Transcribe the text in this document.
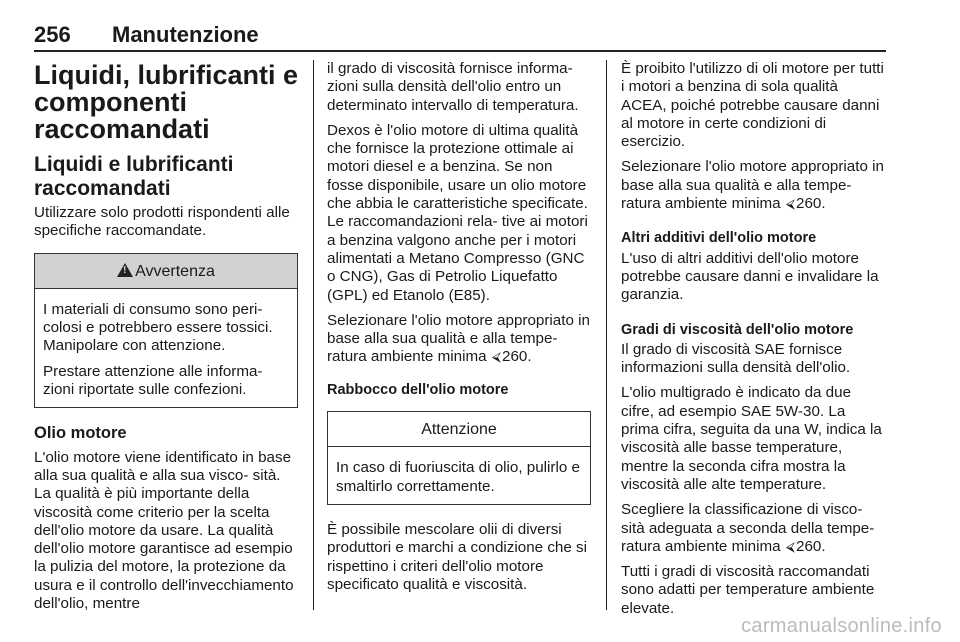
256 Manutenzione
Liquidi, lubrificanti e componenti raccomandati
Liquidi e lubrificanti raccomandati

Utilizzare solo prodotti rispondenti alle specifiche raccomandate.

!Avvertenza

I materiali di consumo sono peri- colosi e potrebbero essere tossici. Manipolare con attenzione.

Prestare attenzione alle informa- zioni riportate sulle confezioni.

Olio motore

L'olio motore viene identificato in base alla sua qualità e alla sua visco- sità. La qualità è più importante della viscosità come criterio per la scelta dell'olio motore da usare. La qualità dell'olio motore garantisce ad esempio la pulizia del motore, la protezione da usura e il controllo dell'invecchiamento dell'olio, mentre

il grado di viscosità fornisce informa- zioni sulla densità dell'olio entro un determinato intervallo di temperatura.

Dexos è l'olio motore di ultima qualità che fornisce la protezione ottimale ai motori diesel e a benzina. Se non fosse disponibile, usare un olio motore che abbia le caratteristiche specificate. Le raccomandazioni rela- tive ai motori a benzina valgono anche per i motori alimentati a Metano Compresso (GNC o CNG), Gas di Petrolio Liquefatto (GPL) ed Etanolo (E85).

Selezionare l'olio motore appropriato in base alla sua qualità e alla tempe- ratura ambiente minima ⮘260.

Rabbocco dell'olio motore
Attenzione

In caso di fuoriuscita di olio, pulirlo e smaltirlo correttamente.

È possibile mescolare olii di diversi produttori e marchi a condizione che si rispettino i criteri dell'olio motore specificato qualità e viscosità.

È proibito l'utilizzo di oli motore per tutti i motori a benzina di sola qualità ACEA, poiché potrebbe causare danni al motore in certe condizioni di esercizio.

Selezionare l'olio motore appropriato in base alla sua qualità e alla tempe- ratura ambiente minima ⮘260.

Altri additivi dell'olio motore

L'uso di altri additivi dell'olio motore potrebbe causare danni e invalidare la garanzia.

Gradi di viscosità dell'olio motore

Il grado di viscosità SAE fornisce informazioni sulla densità dell'olio.

L'olio multigrado è indicato da due cifre, ad esempio SAE 5W-30. La prima cifra, seguita da una W, indica la viscosità alle basse temperature, mentre la seconda cifra mostra la viscosità alle alte temperature.

Scegliere la classificazione di visco- sità adeguata a seconda della tempe- ratura ambiente minima ⮘260.

Tutti i gradi di viscosità raccomandati sono adatti per temperature ambiente elevate.

carmanualsonline.info
